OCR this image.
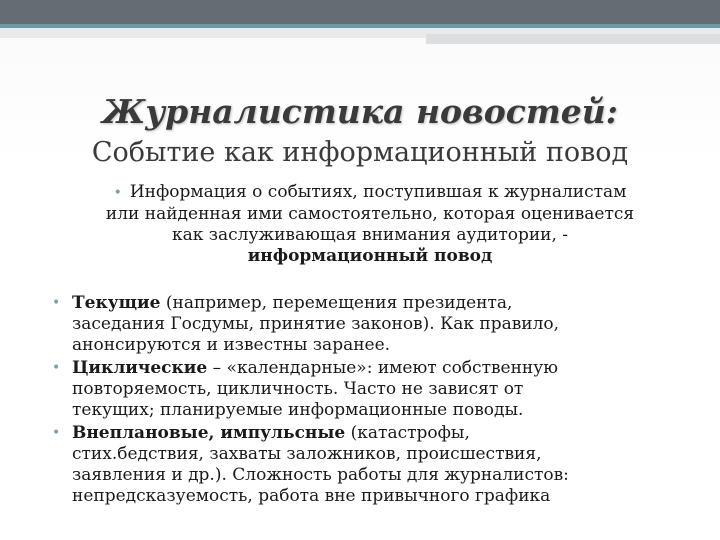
Журналистика новостей:
Событие как информационный повод
• Информация о событиях, поступившая к журналистам
или найденная ими самостоятельно, которая оценивается
как заслуживающая внимания аудитории, -
информационный повод
• Текущие (например, перемещения президента,
заседания Госдумы, принятие законов). Как правило,
анонсируются и известны заранее.
• Циклические – «календарные»: имеют собственную
повторяемость, цикличность. Часто не зависят от
текущих; планируемые информационные поводы.
• Внеплановые, импульсные (катастрофы,
стих.бедствия, захваты заложников, происшествия,
заявления и др.). Сложность работы для журналистов:
непредсказуемость, работа вне привычного графика
